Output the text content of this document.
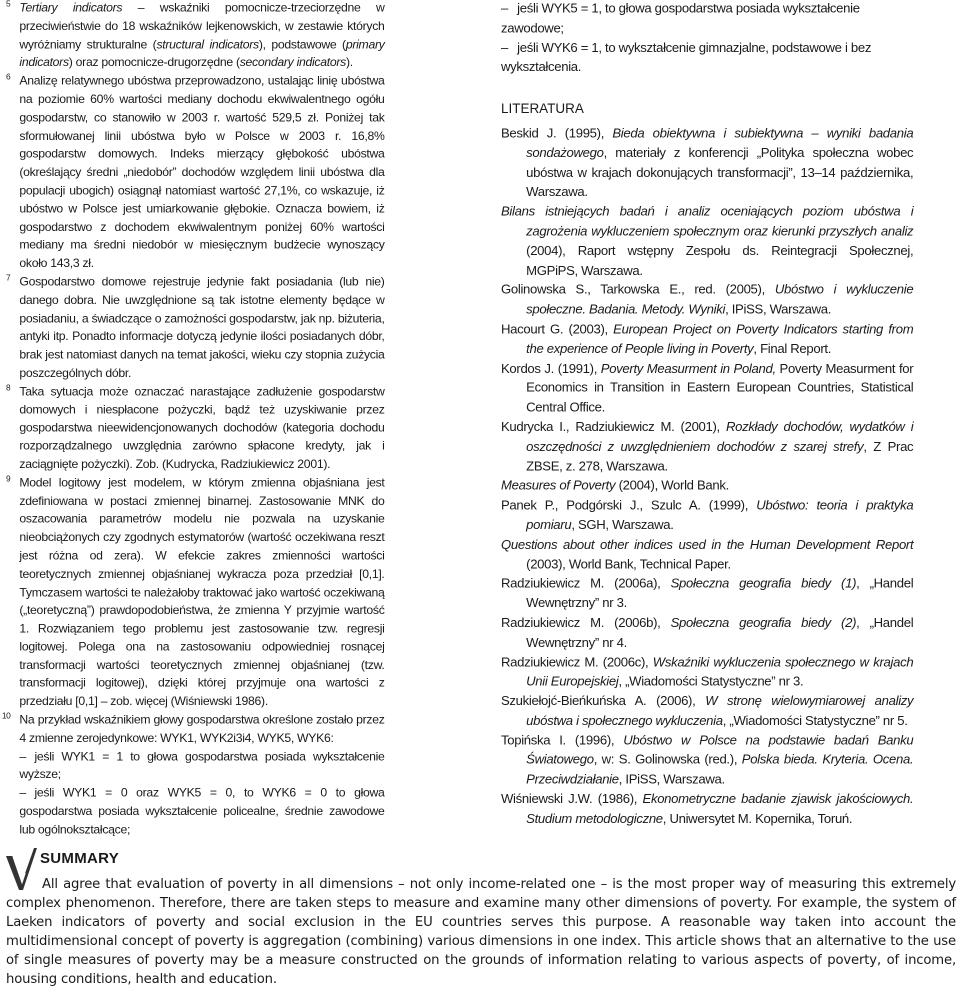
5 Tertiary indicators – wskaźniki pomocnicze-trzeciorzędne w przeciwieństwie do 18 wskaźników lejkenowskich, w zestawie których wyróżniamy strukturalne (structural indicators), podstawowe (primary indicators) oraz pomocnicze-drugorzędne (secondary indicators).

6 Analizę relatywnego ubóstwa przeprowadzono, ustalając linię ubóstwa na poziomie 60% wartości mediany dochodu ekwiwalentnego ogółu gospodarstw, co stanowiło w 2003 r. wartość 529,5 zł. Poniżej tak sformułowanej linii ubóstwa było w Polsce w 2003 r. 16,8% gospodarstw domowych. Indeks mierzący głębokość ubóstwa (określający średni „niedobór” dochodów względem linii ubóstwa dla populacji ubogich) osiągnął natomiast wartość 27,1%, co wskazuje, iż ubóstwo w Polsce jest umiarkowanie głębokie. Oznacza bowiem, iż gospodarstwo z dochodem ekwiwalentnym poniżej 60% wartości mediany ma średni niedobór w miesięcznym budżecie wynoszący około 143,3 zł.

7 Gospodarstwo domowe rejestruje jedynie fakt posiadania (lub nie) danego dobra. Nie uwzględnione są tak istotne elementy będące w posiadaniu, a świadczące o zamożności gospodarstw, jak np. biżuteria, antyki itp. Ponadto informacje dotyczą jedynie ilości posiadanych dóbr, brak jest natomiast danych na temat jakości, wieku czy stopnia zużycia poszczególnych dóbr.

8 Taka sytuacja może oznaczać narastające zadłużenie gospodarstw domowych i niespłacone pożyczki, bądź też uzyskiwanie przez gospodarstwa nieewidencjonowanych dochodów (kategoria dochodu rozporządzalnego uwzględnia zarówno spłacone kredyty, jak i zaciągnięte pożyczki). Zob. (Kudrycka, Radziukiewicz 2001).

9 Model logitowy jest modelem, w którym zmienna objaśniana jest zdefiniowana w postaci zmiennej binarnej. Zastosowanie MNK do oszacowania parametrów modelu nie pozwala na uzyskanie nieobciążonych czy zgodnych estymatorów (wartość oczekiwana reszt jest różna od zera). W efekcie zakres zmienności wartości teoretycznych zmiennej objaśnianej wykracza poza przedział [0,1]. Tymczasem wartości te należałoby traktować jako wartość oczekiwaną („teoretyczną”) prawdopodobieństwa, że zmienna Y przyjmie wartość 1. Rozwiązaniem tego problemu jest zastosowanie tzw. regresji logitowej. Polega ona na zastosowaniu odpowiedniej rosnącej transformacji wartości teoretycznych zmiennej objaśnianej (tzw. transformacji logitowej), dzięki której przyjmuje ona wartości z przedziału [0,1] – zob. więcej (Wiśniewski 1986).

10 Na przykład wskaźnikiem głowy gospodarstwa określone zostało przez 4 zmienne zerojedynkowe: WYK1, WYK2i3i4, WYK5, WYK6:
– jeśli WYK1 = 1 to głowa gospodarstwa posiada wykształcenie wyższe;
– jeśli WYK1 = 0 oraz WYK5 = 0, to WYK6 = 0 to głowa gospodarstwa posiada wykształcenie policealne, średnie zawodowe lub ogólnokształcące;
– jeśli WYK5 = 1, to głowa gospodarstwa posiada wykształcenie zawodowe;
– jeśli WYK6 = 1, to wykształcenie gimnazjalne, podstawowe i bez wykształcenia.
LITERATURA
Beskid J. (1995), Bieda obiektywna i subiektywna – wyniki badania sondażowego, materiały z konferencji „Polityka społeczna wobec ubóstwa w krajach dokonujących transformacji”, 13–14 października, Warszawa.
Bilans istniejących badań i analiz oceniających poziom ubóstwa i zagrożenia wykluczeniem społecznym oraz kierunki przyszłych analiz (2004), Raport wstępny Zespołu ds. Reintegracji Społecznej, MGPiPS, Warszawa.
Golinowska S., Tarkowska E., red. (2005), Ubóstwo i wykluczenie społeczne. Badania. Metody. Wyniki, IPiSS, Warszawa.
Hacourt G. (2003), European Project on Poverty Indicators starting from the experience of People living in Poverty, Final Report.
Kordos J. (1991), Poverty Measurment in Poland, Poverty Measurment for Economics in Transition in Eastern European Countries, Statistical Central Office.
Kudrycka I., Radziukiewicz M. (2001), Rozkłady dochodów, wydatków i oszczędności z uwzględnieniem dochodów z szarej strefy, Z Prac ZBSE, z. 278, Warszawa.
Measures of Poverty (2004), World Bank.
Panek P., Podgórski J., Szulc A. (1999), Ubóstwo: teoria i praktyka pomiaru, SGH, Warszawa.
Questions about other indices used in the Human Development Report (2003), World Bank, Technical Paper.
Radziukiewicz M. (2006a), Społeczna geografia biedy (1), „Handel Wewnętrzny” nr 3.
Radziukiewicz M. (2006b), Społeczna geografia biedy (2), „Handel Wewnętrzny” nr 4.
Radziukiewicz M. (2006c), Wskaźniki wykluczenia społecznego w krajach Unii Europejskiej, „Wiadomości Statystyczne” nr 3.
Szukiełojć-Bieńkuńska A. (2006), W stronę wielowymiarowej analizy ubóstwa i społecznego wykluczenia, „Wiadomości Statystyczne” nr 5.
Topińska I. (1996), Ubóstwo w Polsce na podstawie badań Banku Światowego, w: S. Golinowska (red.), Polska bieda. Kryteria. Ocena. Przeciwdziałanie, IPiSS, Warszawa.
Wiśniewski J.W. (1986), Ekonometryczne badanie zjawisk jakościowych. Studium metodologiczne, Uniwersytet M. Kopernika, Toruń.
SUMMARY

All agree that evaluation of poverty in all dimensions – not only income-related one – is the most proper way of measuring this extremely complex phenomenon. Therefore, there are taken steps to measure and examine many other dimensions of poverty. For example, the system of Laeken indicators of poverty and social exclusion in the EU countries serves this purpose. A reasonable way taken into account the multidimensional concept of poverty is aggregation (combining) various dimensions in one index. This article shows that an alternative to the use of single measures of poverty may be a measure constructed on the grounds of information relating to various aspects of poverty, of income, housing conditions, health and education.
